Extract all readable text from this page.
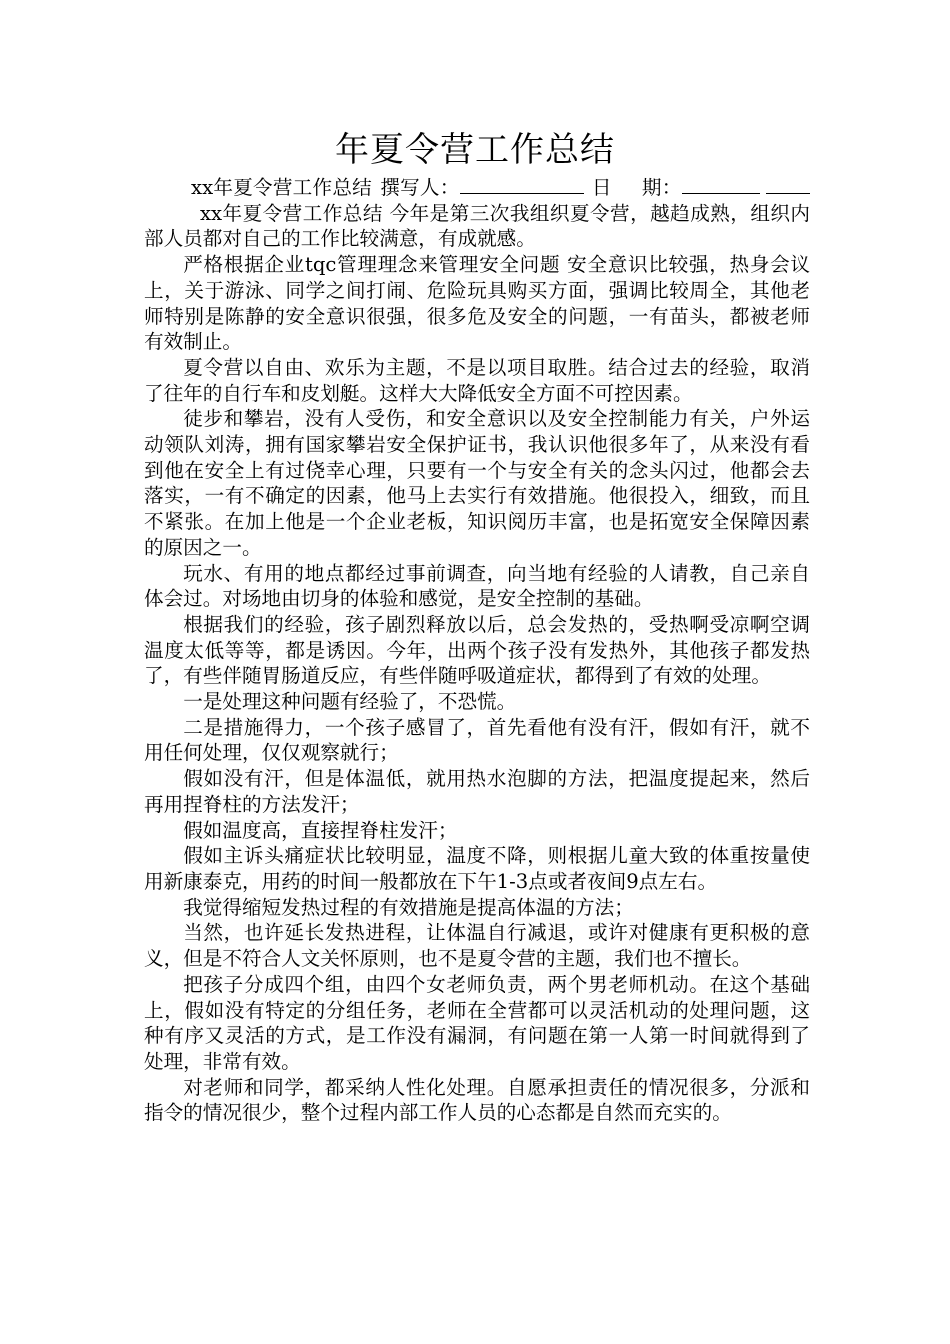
年夏令营工作总结

xx年夏令营工作总结 撰写人：	日 期： xx年夏令营工作总结 今年是第三次我组织夏令营，越趋成熟，组织内部人员都对自己的工作比较满意，有成就感。

严格根据企业tqc管理理念来管理安全问题 安全意识比较强，热身会议上，关于游泳、同学之间打闹、危险玩具购买方面，强调比较周全，其他老师特别是陈静的安全意识很强，很多危及安全的问题，一有苗头，都被老师有效制止。

夏令营以自由、欢乐为主题，不是以项目取胜。结合过去的经验，取消了往年的自行车和皮划艇。这样大大降低安全方面不可控因素。

徒步和攀岩，没有人受伤，和安全意识以及安全控制能力有关，户外运动领队刘涛，拥有国家攀岩安全保护证书，我认识他很多年了，从来没有看到他在安全上有过侥幸心理，只要有一个与安全有关的念头闪过，他都会去落实，一有不确定的因素，他马上去实行有效措施。他很投入，细致，而且不紧张。在加上他是一个企业老板，知识阅历丰富，也是拓宽安全保障因素的原因之一。

玩水、有用的地点都经过事前调查，向当地有经验的人请教，自己亲自体会过。对场地由切身的体验和感觉，是安全控制的基础。

根据我们的经验，孩子剧烈释放以后，总会发热的，受热啊受凉啊空调温度太低等等，都是诱因。今年，出两个孩子没有发热外，其他孩子都发热了，有些伴随胃肠道反应，有些伴随呼吸道症状，都得到了有效的处理。

一是处理这种问题有经验了，不恐慌。

二是措施得力，一个孩子感冒了，首先看他有没有汗，假如有汗，就不用任何处理，仅仅观察就行；

假如没有汗，但是体温低，就用热水泡脚的方法，把温度提起来，然后再用捏脊柱的方法发汗；

假如温度高，直接捏脊柱发汗；

假如主诉头痛症状比较明显，温度不降，则根据儿童大致的体重按量使用新康泰克，用药的时间一般都放在下午1-3点或者夜间9点左右。

我觉得缩短发热过程的有效措施是提高体温的方法；

当然，也许延长发热进程，让体温自行减退，或许对健康有更积极的意义，但是不符合人文关怀原则，也不是夏令营的主题，我们也不擅长。

把孩子分成四个组，由四个女老师负责，两个男老师机动。在这个基础上，假如没有特定的分组任务，老师在全营都可以灵活机动的处理问题，这种有序又灵活的方式，是工作没有漏洞，有问题在第一人第一时间就得到了处理，非常有效。

对老师和同学，都采纳人性化处理。自愿承担责任的情况很多，分派和指令的情况很少，整个过程内部工作人员的心态都是自然而充实的。
